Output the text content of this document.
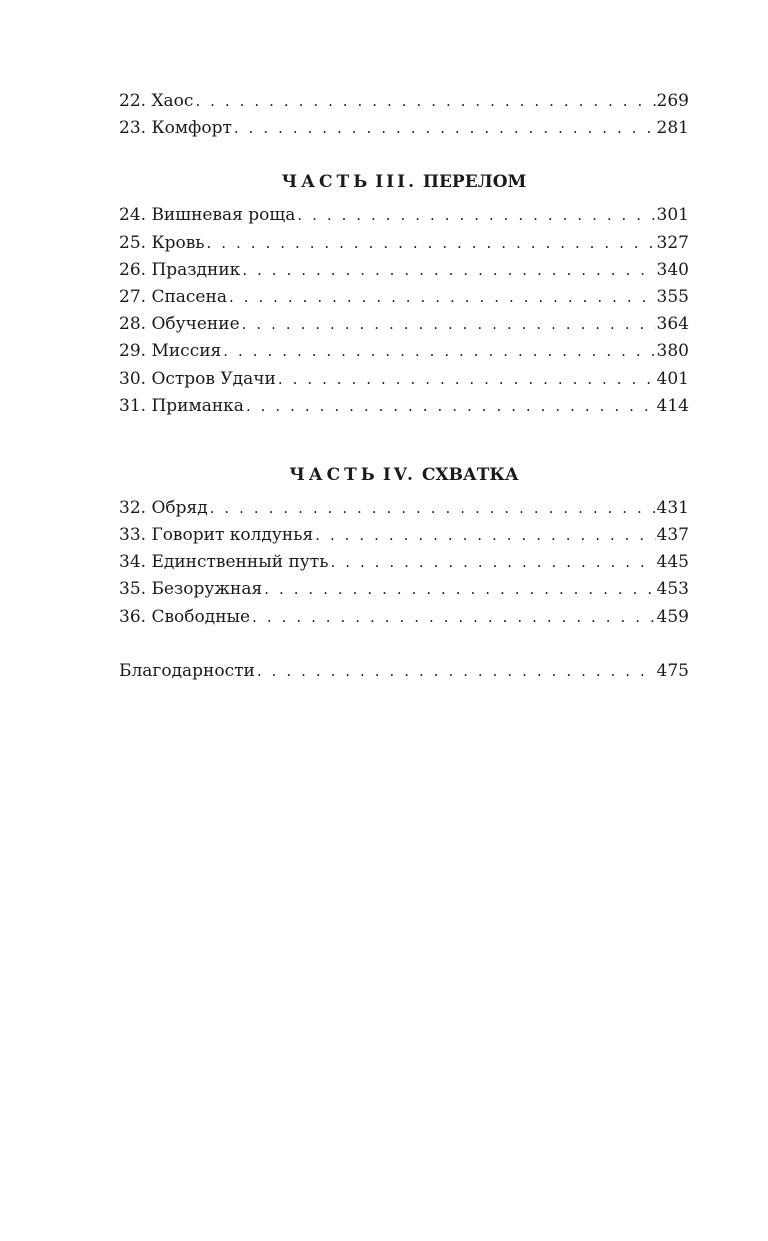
22. Хаос . . .	269
23. Комфорт . . .	281
ЧАСТЬ III. ПЕРЕЛОМ
24. Вишневая роща . . .	301
25. Кровь . . .	327
26. Праздник . . .	340
27. Спасена . . .	355
28. Обучение . . .	364
29. Миссия . . .	380
30. Остров Удачи . . .	401
31. Приманка . . .	414
ЧАСТЬ IV. СХВАТКА
32. Обряд . . .	431
33. Говорит колдунья . . .	437
34. Единственный путь . . .	445
35. Безоружная . . .	453
36. Свободные . . .	459
Благодарности . . .	475
